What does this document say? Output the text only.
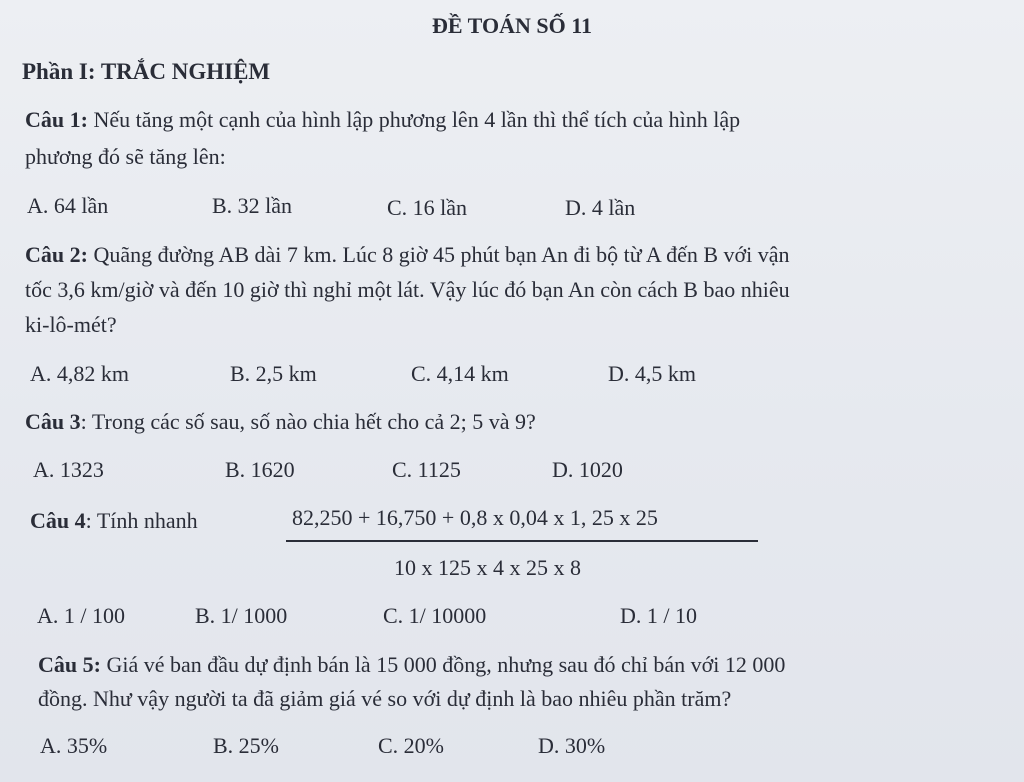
ĐỀ TOÁN SỐ 11
Phần I: TRẮC NGHIỆM
Câu 1: Nếu tăng một cạnh của hình lập phương lên 4 lần thì thể tích của hình lập
phương đó sẽ tăng lên:
A. 64 lần	B. 32 lần	C. 16 lần	D. 4 lần
Câu 2: Quãng đường AB dài 7 km. Lúc 8 giờ 45 phút bạn An đi bộ từ A đến B với vận
tốc 3,6 km/giờ và đến 10 giờ thì nghỉ một lát. Vậy lúc đó bạn An còn cách B bao nhiêu
ki-lô-mét?
A. 4,82 km	B. 2,5 km	C. 4,14 km	D. 4,5 km
Câu 3: Trong các số sau, số nào chia hết cho cả 2; 5 và 9?
A. 1323	B. 1620	C. 1125	D. 1020
Câu 4: Tính nhanh	82,250 + 16,750 + 0,8 x 0,04 x 1, 25 x 25
10 x 125 x 4 x 25 x 8
A. 1 / 100	B. 1/ 1000	C. 1/ 10000	D. 1 / 10
Câu 5: Giá vé ban đầu dự định bán là 15 000 đồng, nhưng sau đó chỉ bán với 12 000
đồng. Như vậy người ta đã giảm giá vé so với dự định là bao nhiêu phần trăm?
A. 35%	B. 25%	C. 20%	D. 30%
